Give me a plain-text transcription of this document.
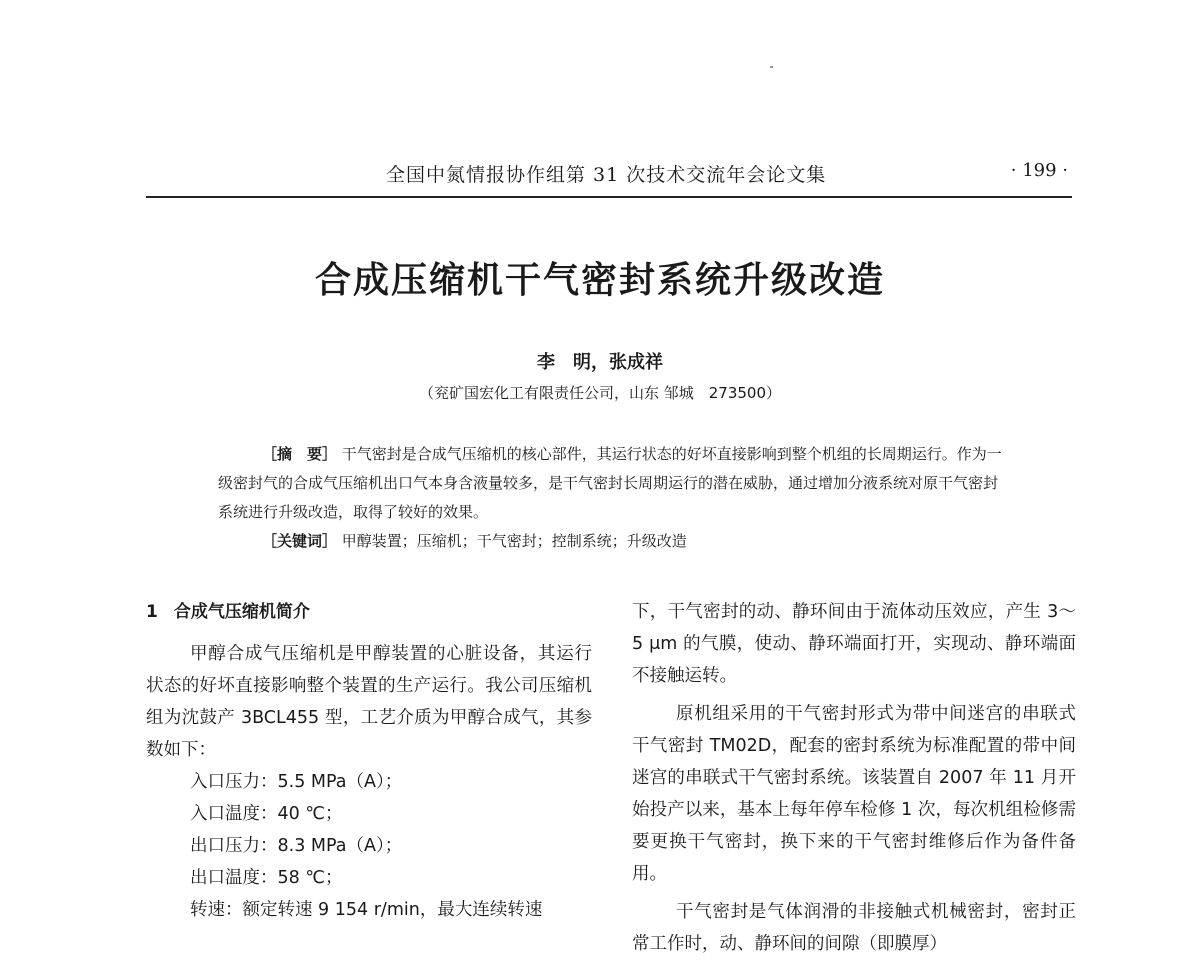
全国中氮情报协作组第 31 次技术交流年会论文集	· 199 ·
合成压缩机干气密封系统升级改造
李　明，张成祥
（兖矿国宏化工有限责任公司，山东 邹城　273500）

［摘　要］ 干气密封是合成气压缩机的核心部件，其运行状态的好坏直接影响到整个机组的长周期运行。作为一级密封气的合成气压缩机出口气本身含液量较多，是干气密封长周期运行的潜在威胁，通过增加分液系统对原干气密封系统进行升级改造，取得了较好的效果。

［关键词］ 甲醇装置；压缩机；干气密封；控制系统；升级改造

1 合成气压缩机简介

甲醇合成气压缩机是甲醇装置的心脏设备，其运行状态的好坏直接影响整个装置的生产运行。我公司压缩机组为沈鼓产 3BCL455 型，工艺介质为甲醇合成气，其参数如下：

入口压力：5.5 MPa（A）；

入口温度：40 ℃；

出口压力：8.3 MPa（A）；

出口温度：58 ℃；

转速：额定转速 9 154 r/min，最大连续转速

下，干气密封的动、静环间由于流体动压效应，产生 3～5 μm 的气膜，使动、静环端面打开，实现动、静环端面不接触运转。

原机组采用的干气密封形式为带中间迷宫的串联式干气密封 TM02D，配套的密封系统为标准配置的带中间迷宫的串联式干气密封系统。该装置自 2007 年 11 月开始投产以来，基本上每年停车检修 1 次，每次机组检修需要更换干气密封，换下来的干气密封维修后作为备件备用。

干气密封是气体润滑的非接触式机械密封，密封正常工作时，动、静环间的间隙（即膜厚）
